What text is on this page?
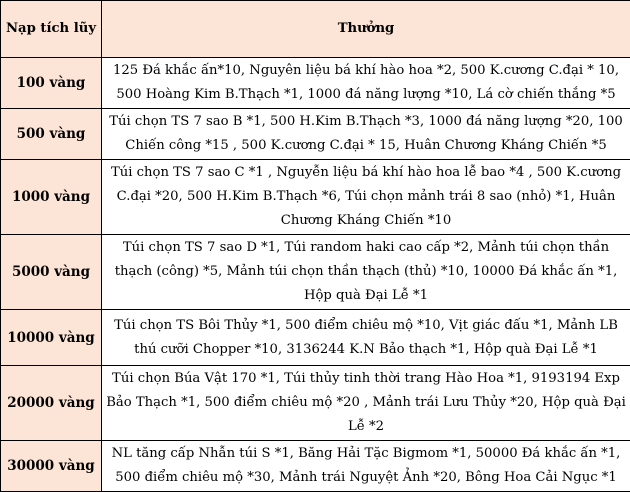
Nạp tích lũy	Thưởng
100 vàng	125 Đá khắc ấn*10, Nguyên liệu bá khí hào hoa *2, 500 K.cương C.đại * 10, 500 Hoàng Kim B.Thạch *1, 1000 đá năng lượng *10, Lá cờ chiến thắng *5
500 vàng	Túi chọn TS 7 sao B *1, 500 H.Kim B.Thạch *3, 1000 đá năng lượng *20, 100 Chiến công *15 , 500 K.cương C.đại * 15, Huân Chương Kháng Chiến *5
1000 vàng	Túi chọn TS 7 sao C *1 , Nguyễn liệu bá khí hào hoa lễ bao *4 , 500 K.cương C.đại *20, 500 H.Kim B.Thạch *6, Túi chọn mảnh trái 8 sao (nhỏ) *1, Huân Chương Kháng Chiến *10
5000 vàng	Túi chọn TS 7 sao D *1, Túi random haki cao cấp *2, Mảnh túi chọn thần thạch (công) *5, Mảnh túi chọn thần thạch (thủ) *10, 10000 Đá khắc ấn *1, Hộp quà Đại Lễ *1
10000 vàng	Túi chọn TS Bôi Thủy *1, 500 điểm chiêu mộ *10, Vịt giác đấu *1, Mảnh LB thú cưỡi Chopper *10, 3136244 K.N Bảo thạch *1, Hộp quà Đại Lễ *1
20000 vàng	Túi chọn Búa Vật 170 *1, Túi thủy tinh thời trang Hào Hoa *1, 9193194 Exp Bảo Thạch *1, 500 điểm chiêu mộ *20 , Mảnh trái Lưu Thủy *20, Hộp quà Đại Lễ *2
30000 vàng	NL tăng cấp Nhẫn túi S *1, Băng Hải Tặc Bigmom *1, 50000 Đá khắc ấn *1, 500 điểm chiêu mộ *30, Mảnh trái Nguyệt Ảnh *20, Bông Hoa Cải Ngục *1
